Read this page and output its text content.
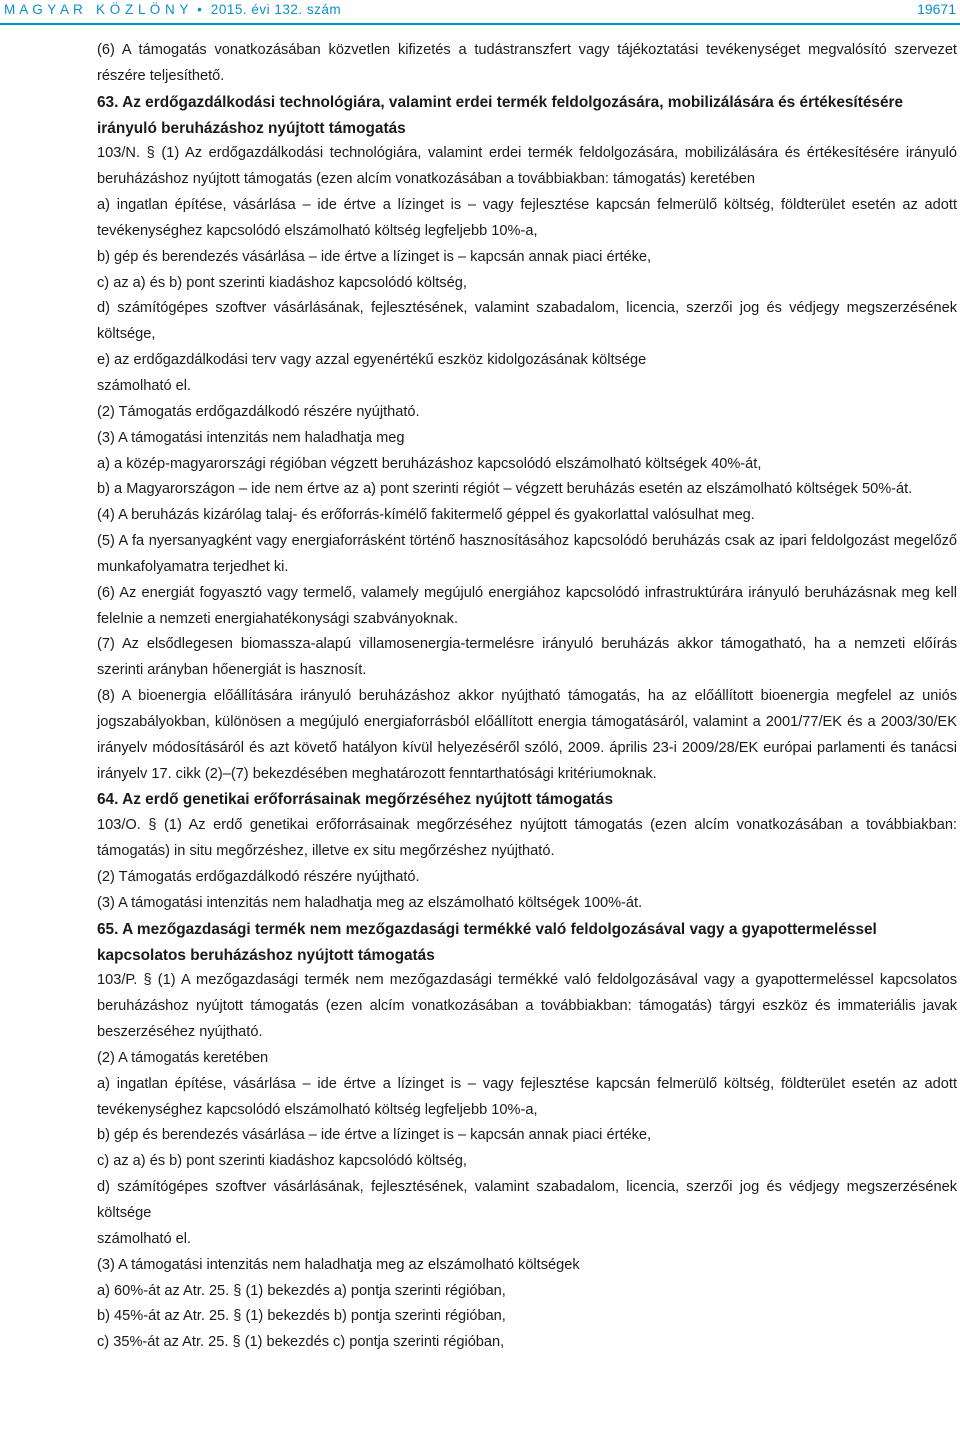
M A G Y A R   K Ö Z L Ö N Y  •  2015. évi 132. szám	19671

(6) A támogatás vonatkozásában közvetlen kifizetés a tudástranszfert vagy tájékoztatási tevékenységet megvalósító szervezet részére teljesíthető.

63. Az erdőgazdálkodási technológiára, valamint erdei termék feldolgozására, mobilizálására és értékesítésére irányuló beruházáshoz nyújtott támogatás

103/N. § (1) Az erdőgazdálkodási technológiára, valamint erdei termék feldolgozására, mobilizálására és értékesítésére irányuló beruházáshoz nyújtott támogatás (ezen alcím vonatkozásában a továbbiakban: támogatás) keretében

a) ingatlan építése, vásárlása – ide értve a lízinget is – vagy fejlesztése kapcsán felmerülő költség, földterület esetén az adott tevékenységhez kapcsolódó elszámolható költség legfeljebb 10%-a,

b) gép és berendezés vásárlása – ide értve a lízinget is – kapcsán annak piaci értéke,

c) az a) és b) pont szerinti kiadáshoz kapcsolódó költség,

d) számítógépes szoftver vásárlásának, fejlesztésének, valamint szabadalom, licencia, szerzői jog és védjegy megszerzésének költsége,

e) az erdőgazdálkodási terv vagy azzal egyenértékű eszköz kidolgozásának költsége

számolható el.

(2) Támogatás erdőgazdálkodó részére nyújtható.

(3) A támogatási intenzitás nem haladhatja meg

a) a közép-magyarországi régióban végzett beruházáshoz kapcsolódó elszámolható költségek 40%-át,

b) a Magyarországon – ide nem értve az a) pont szerinti régiót – végzett beruházás esetén az elszámolható költségek 50%-át.

(4) A beruházás kizárólag talaj- és erőforrás-kímélő fakitermelő géppel és gyakorlattal valósulhat meg.

(5) A fa nyersanyagként vagy energiaforrásként történő hasznosításához kapcsolódó beruházás csak az ipari feldolgozást megelőző munkafolyamatra terjedhet ki.

(6) Az energiát fogyasztó vagy termelő, valamely megújuló energiához kapcsolódó infrastruktúrára irányuló beruházásnak meg kell felelnie a nemzeti energiahatékonysági szabványoknak.

(7) Az elsődlegesen biomassza-alapú villamosenergia-termelésre irányuló beruházás akkor támogatható, ha a nemzeti előírás szerinti arányban hőenergiát is hasznosít.

(8) A bioenergia előállítására irányuló beruházáshoz akkor nyújtható támogatás, ha az előállított bioenergia megfelel az uniós jogszabályokban, különösen a megújuló energiaforrásból előállított energia támogatásáról, valamint a 2001/77/EK és a 2003/30/EK irányelv módosításáról és azt követő hatályon kívül helyezéséről szóló, 2009. április 23-i 2009/28/EK európai parlamenti és tanácsi irányelv 17. cikk (2)–(7) bekezdésében meghatározott fenntarthatósági kritériumoknak.

64. Az erdő genetikai erőforrásainak megőrzéséhez nyújtott támogatás

103/O. § (1) Az erdő genetikai erőforrásainak megőrzéséhez nyújtott támogatás (ezen alcím vonatkozásában a továbbiakban: támogatás) in situ megőrzéshez, illetve ex situ megőrzéshez nyújtható.

(2) Támogatás erdőgazdálkodó részére nyújtható.

(3) A támogatási intenzitás nem haladhatja meg az elszámolható költségek 100%-át.

65. A mezőgazdasági termék nem mezőgazdasági termékké való feldolgozásával vagy a gyapottermeléssel kapcsolatos beruházáshoz nyújtott támogatás

103/P. § (1) A mezőgazdasági termék nem mezőgazdasági termékké való feldolgozásával vagy a gyapottermeléssel kapcsolatos beruházáshoz nyújtott támogatás (ezen alcím vonatkozásában a továbbiakban: támogatás) tárgyi eszköz és immateriális javak beszerzéséhez nyújtható.

(2) A támogatás keretében

a) ingatlan építése, vásárlása – ide értve a lízinget is – vagy fejlesztése kapcsán felmerülő költség, földterület esetén az adott tevékenységhez kapcsolódó elszámolható költség legfeljebb 10%-a,

b) gép és berendezés vásárlása – ide értve a lízinget is – kapcsán annak piaci értéke,

c) az a) és b) pont szerinti kiadáshoz kapcsolódó költség,

d) számítógépes szoftver vásárlásának, fejlesztésének, valamint szabadalom, licencia, szerzői jog és védjegy megszerzésének költsége

számolható el.

(3) A támogatási intenzitás nem haladhatja meg az elszámolható költségek

a) 60%-át az Atr. 25. § (1) bekezdés a) pontja szerinti régióban,

b) 45%-át az Atr. 25. § (1) bekezdés b) pontja szerinti régióban,

c) 35%-át az Atr. 25. § (1) bekezdés c) pontja szerinti régióban,
